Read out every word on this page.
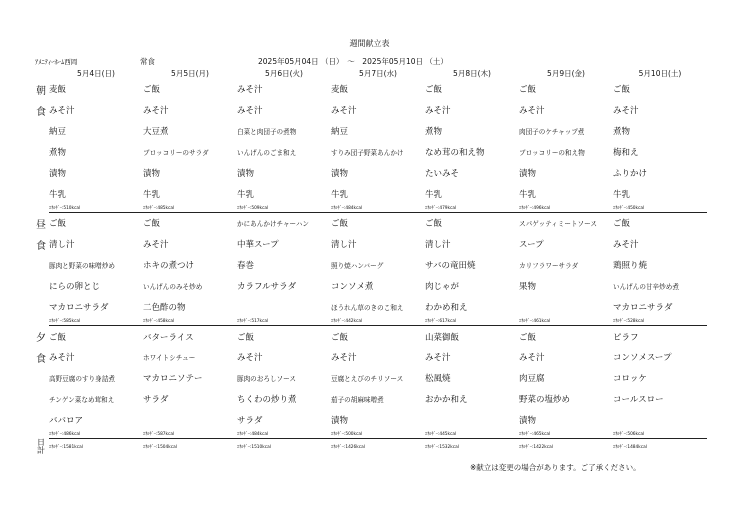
週間献立表
ｱﾒﾆﾃｨｰﾎｰﾑ西岡	常食	2025年05月04日 （日）　～　2025年05月10日 （土）
	5月4日(日)	5月5日(月)	5月6日(火)	5月7日(水)	5月8日(木)	5月9日(金)	5月10日(土)
朝	麦飯	ご飯	みそ汁	麦飯	ご飯	ご飯	ご飯
食	みそ汁	みそ汁	みそ汁	みそ汁	みそ汁	みそ汁	みそ汁
	納豆	大豆煮	白菜と肉団子の煮物	納豆	煮物	肉団子のケチャップ煮	煮物
	煮物	ブロッコリーのサラダ	いんげんのごま和え	すりみ団子野菜あんかけ	なめ茸の和え物	ブロッコリーの和え物	梅和え
	漬物	漬物	漬物	漬物	たいみそ	漬物	ふりかけ
	牛乳	牛乳	牛乳	牛乳	牛乳	牛乳	牛乳
	ｴﾈﾙｷﾞｰ:510kcal	ｴﾈﾙｷﾞｰ:485kcal	ｴﾈﾙｷﾞｰ:509kcal	ｴﾈﾙｷﾞｰ:484kcal	ｴﾈﾙｷﾞｰ:479kcal	ｴﾈﾙｷﾞｰ:496kcal	ｴﾈﾙｷﾞｰ:450kcal
昼	ご飯	ご飯	かにあんかけチャーハン	ご飯	ご飯	スパゲッティミートソース	ご飯
食	清し汁	みそ汁	中華スープ	清し汁	清し汁	スープ	みそ汁
	豚肉と野菜の味噌炒め	ホキの煮つけ	春巻	照り焼ハンバーグ	サバの竜田焼	カリフラワーサラダ	鶏照り焼
	にらの卵とじ	いんげんのみそ炒め	カラフルサラダ	コンソメ煮	肉じゃが	果物	いんげんの甘辛炒め煮
	マカロニサラダ	二色酢の物		ほうれん草のきのこ和え	わかめ和え		マカロニサラダ
	ｴﾈﾙｷﾞｰ:585kcal	ｴﾈﾙｷﾞｰ:458kcal	ｴﾈﾙｷﾞｰ:517kcal	ｴﾈﾙｷﾞｰ:442kcal	ｴﾈﾙｷﾞｰ:617kcal	ｴﾈﾙｷﾞｰ:461kcal	ｴﾈﾙｷﾞｰ:528kcal
夕	ご飯	バターライス	ご飯	ご飯	山菜御飯	ご飯	ピラフ
食	みそ汁	ホワイトシチュー	みそ汁	みそ汁	みそ汁	みそ汁	コンソメスープ
	高野豆腐のすり身詰煮	マカロニソテー	豚肉のおろしソース	豆腐とえびのチリソース	松風焼	肉豆腐	コロッケ
	チンゲン菜なめ茸和え	サラダ	ちくわの炒り煮	茄子の胡麻味噌煮	おかか和え	野菜の塩炒め	コールスロー
	ババロア		サラダ	漬物		漬物	
	ｴﾈﾙｷﾞｰ:486kcal	ｴﾈﾙｷﾞｰ:587kcal	ｴﾈﾙｷﾞｰ:484kcal	ｴﾈﾙｷﾞｰ:500kcal	ｴﾈﾙｷﾞｰ:445kcal	ｴﾈﾙｷﾞｰ:465kcal	ｴﾈﾙｷﾞｰ:506kcal

日
計	ｴﾈﾙｷﾞｰ:1581kcal	ｴﾈﾙｷﾞｰ:1504kcal	ｴﾈﾙｷﾞｰ:1510kcal	ｴﾈﾙｷﾞｰ:1426kcal	ｴﾈﾙｷﾞｰ:1532kcal	ｴﾈﾙｷﾞｰ:1422kcal	ｴﾈﾙｷﾞｰ:1484kcal
※献立は変更の場合があります。ご了承ください。
